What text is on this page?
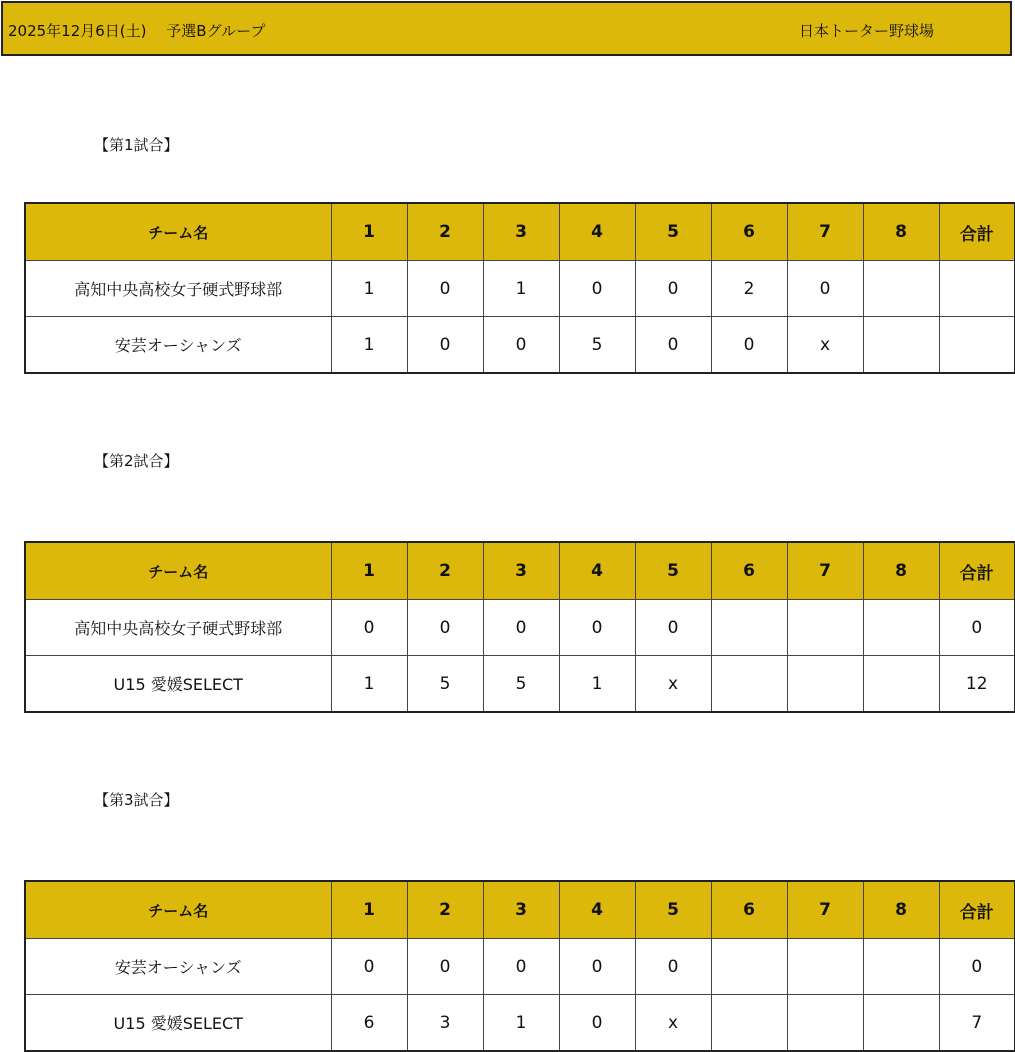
2025年12月6日(土)　 予選Bグループ	日本トーター野球場
【第1試合】
チーム名	1	2	3	4	5	6	7	8	合計
高知中央高校女子硬式野球部	1	0	1	0	0	2	0		
安芸オーシャンズ	1	0	0	5	0	0	x		
【第2試合】
チーム名	1	2	3	4	5	6	7	8	合計
高知中央高校女子硬式野球部	0	0	0	0	0				0
U15 愛媛SELECT	1	5	5	1	x				12
【第3試合】
チーム名	1	2	3	4	5	6	7	8	合計
安芸オーシャンズ	0	0	0	0	0				0
U15 愛媛SELECT	6	3	1	0	x				7
